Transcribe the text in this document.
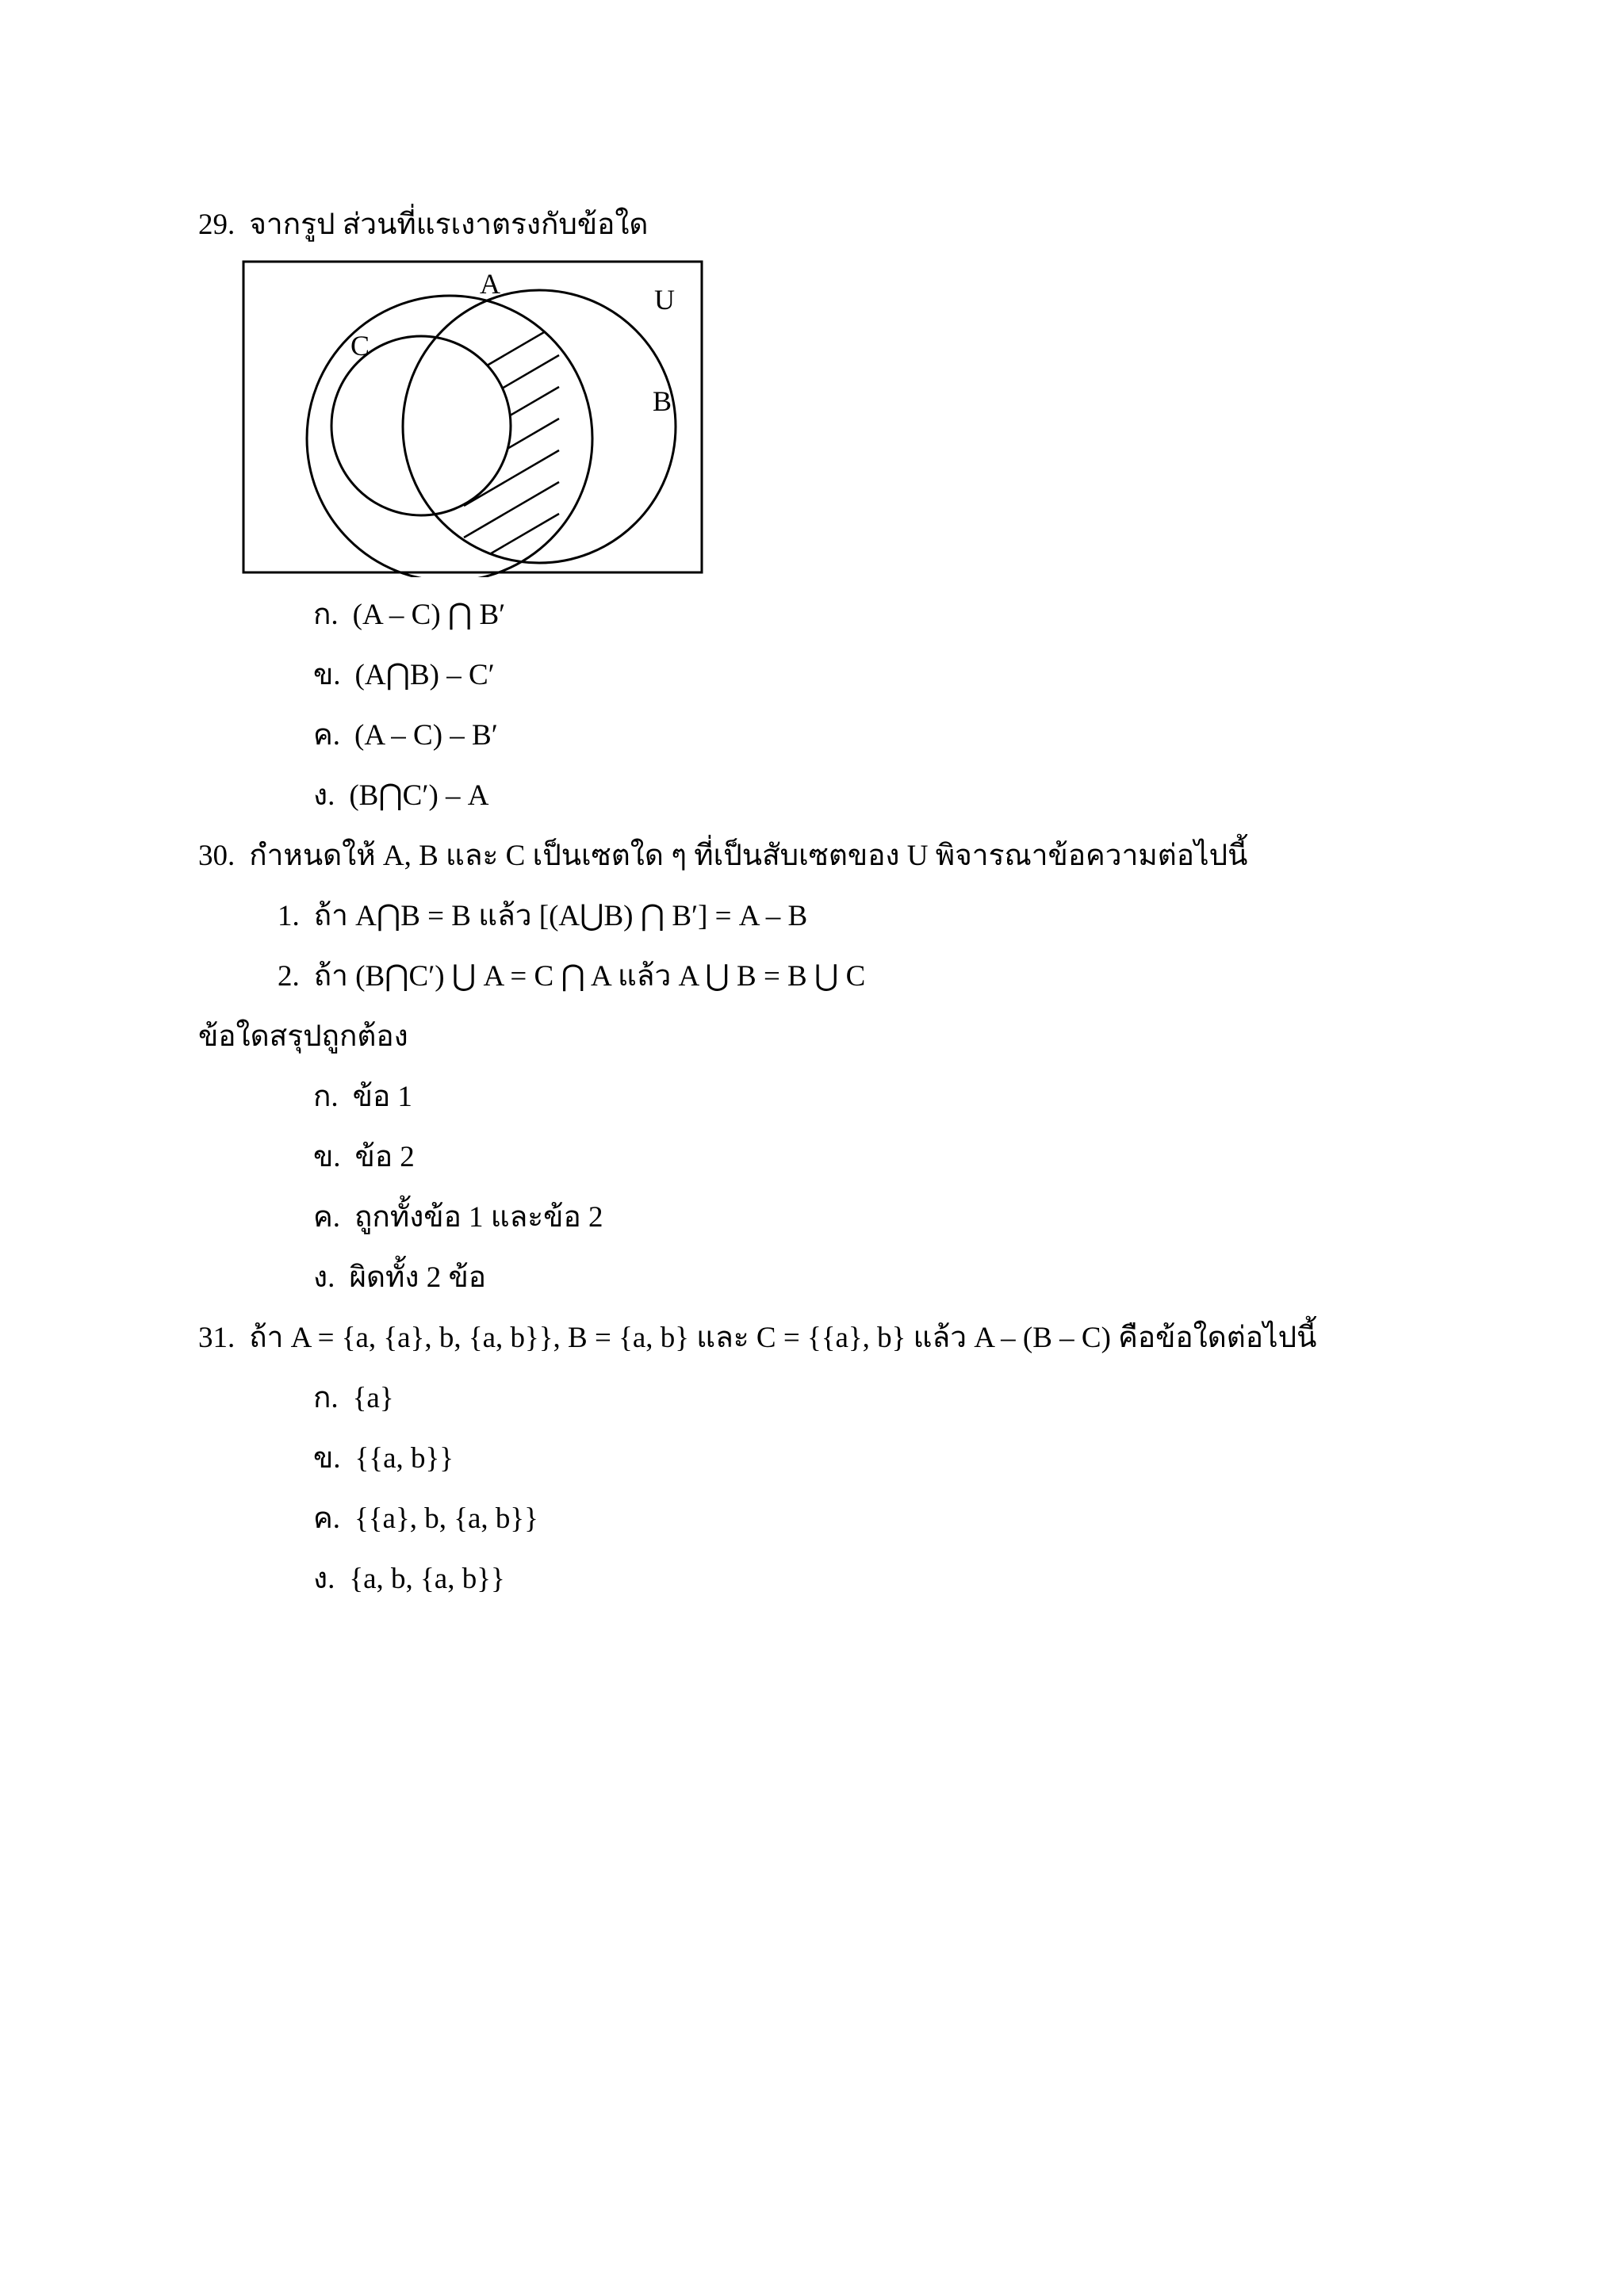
29. จากรูป ส่วนที่แรเงาตรงกับข้อใด
A	U
C
B
ก. (A – C) ⋂ B′
ข. (A⋂B) – C′
ค. (A – C) – B′
ง. (B⋂C′) – A
30. กำหนดให้ A, B และ C เป็นเซตใด ๆ ที่เป็นสับเซตของ U พิจารณาข้อความต่อไปนี้
1. ถ้า A⋂B = B แล้ว [(A⋃B) ⋂ B′] = A – B
2. ถ้า (B⋂C′) ⋃ A = C ⋂ A แล้ว A ⋃ B = B ⋃ C
ข้อใดสรุปถูกต้อง
ก. ข้อ 1
ข. ข้อ 2
ค. ถูกทั้งข้อ 1 และข้อ 2
ง. ผิดทั้ง 2 ข้อ
31. ถ้า A = {a, {a}, b, {a, b}}, B = {a, b} และ C = {{a}, b} แล้ว A – (B – C) คือข้อใดต่อไปนี้
ก. {a}
ข. {{a, b}}
ค. {{a}, b, {a, b}}
ง. {a, b, {a, b}}
